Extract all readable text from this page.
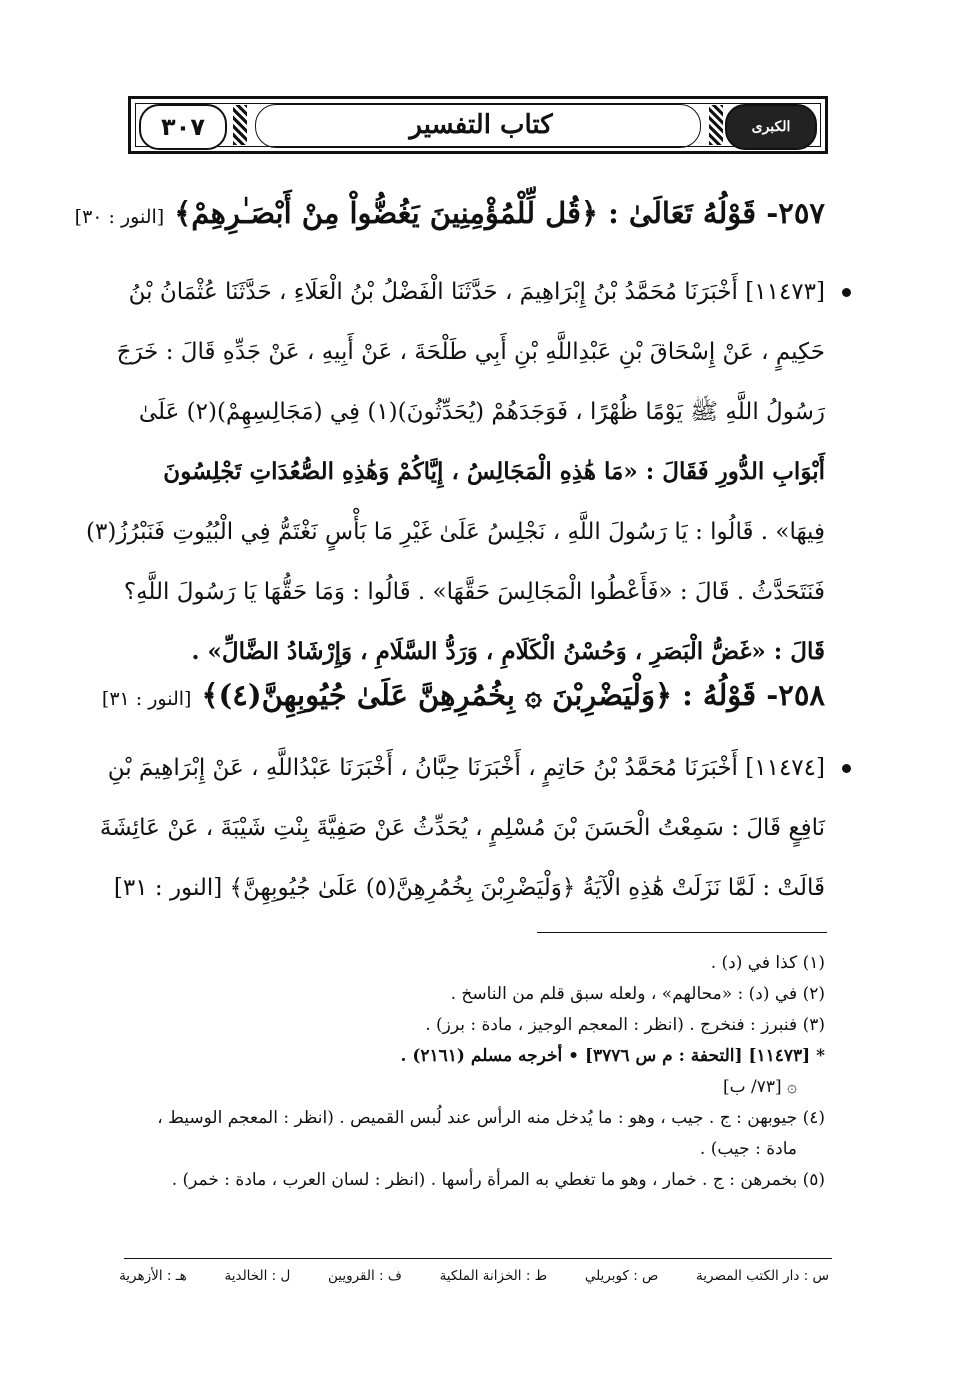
الكبرى
كتاب التفسير
٣٠٧
٢٥٧- قَوْلُهُ تَعَالَىٰ : ﴿قُل لِّلْمُؤْمِنِينَ يَغُضُّواْ مِنْ أَبْصَـٰرِهِمْ﴾ [النور : ٣٠]
[١١٤٧٣] أَخْبَرَنَا مُحَمَّدُ بْنُ إِبْرَاهِيمَ ، حَدَّثَنَا الْفَضْلُ بْنُ الْعَلَاءِ ، حَدَّثَنَا عُثْمَانُ بْنُ
حَكِيمٍ ، عَنْ إِسْحَاقَ بْنِ عَبْدِاللَّهِ بْنِ أَبِي طَلْحَةَ ، عَنْ أَبِيهِ ، عَنْ جَدِّهِ قَالَ : خَرَجَ
رَسُولُ اللَّهِ ﷺ يَوْمًا ظُهْرًا ، فَوَجَدَهُمْ (يُحَدِّثُونَ)(١) فِي (مَجَالِسِهِمْ)(٢) عَلَىٰ
أَبْوَابِ الدُّورِ فَقَالَ : «مَا هَٰذِهِ الْمَجَالِسُ ، إِيَّاكُمْ وَهَٰذِهِ الصُّعُدَاتِ تَجْلِسُونَ
فِيهَا» . قَالُوا : يَا رَسُولَ اللَّهِ ، نَجْلِسُ عَلَىٰ غَيْرِ مَا بَأْسٍ نَغْتَمُّ فِي الْبُيُوتِ فَنَبْرُزُ(٣)
فَنَتَحَدَّثُ . قَالَ : «فَأَعْطُوا الْمَجَالِسَ حَقَّهَا» . قَالُوا : وَمَا حَقُّهَا يَا رَسُولَ اللَّهِ؟
قَالَ : «غَضُّ الْبَصَرِ ، وَحُسْنُ الْكَلَامِ ، وَرَدُّ السَّلَامِ ، وَإِرْشَادُ الضَّالِّ» .
٢٥٨- قَوْلُهُ : ﴿وَلْيَضْرِبْنَ ۞ بِخُمُرِهِنَّ عَلَىٰ جُيُوبِهِنَّ(٤)﴾ [النور : ٣١]
[١١٤٧٤] أَخْبَرَنَا مُحَمَّدُ بْنُ حَاتِمٍ ، أَخْبَرَنَا حِبَّانُ ، أَخْبَرَنَا عَبْدُاللَّهِ ، عَنْ إِبْرَاهِيمَ بْنِ
نَافِعٍ قَالَ : سَمِعْتُ الْحَسَنَ بْنَ مُسْلِمٍ ، يُحَدِّثُ عَنْ صَفِيَّةَ بِنْتِ شَيْبَةَ ، عَنْ عَائِشَةَ
قَالَتْ : لَمَّا نَزَلَتْ هَٰذِهِ الْآيَةُ ﴿وَلْيَضْرِبْنَ بِخُمُرِهِنَّ(٥) عَلَىٰ جُيُوبِهِنَّ﴾ [النور : ٣١]
(١) كذا في (د) .
(٢) في (د) : «محالهم» ، ولعله سبق قلم من الناسخ .
(٣) فنبرز : فنخرج . (انظر : المعجم الوجيز ، مادة : برز) .
* [١١٤٧٣] [التحفة : م س ٣٧٧٦] • أخرجه مسلم (٢١٦١) .
۞ [٧٣/ ب]
(٤) جيوبهن : ج . جيب ، وهو : ما يُدخل منه الرأس عند لُبس القميص . (انظر : المعجم الوسيط ،
مادة : جيب) .
(٥) بخمرهن : ج . خمار ، وهو ما تغطي به المرأة رأسها . (انظر : لسان العرب ، مادة : خمر) .
س : دار الكتب المصرية
ص : كوبريلي
ط : الخزانة الملكية
ف : القرويين
ل : الخالدية
هـ : الأزهرية
